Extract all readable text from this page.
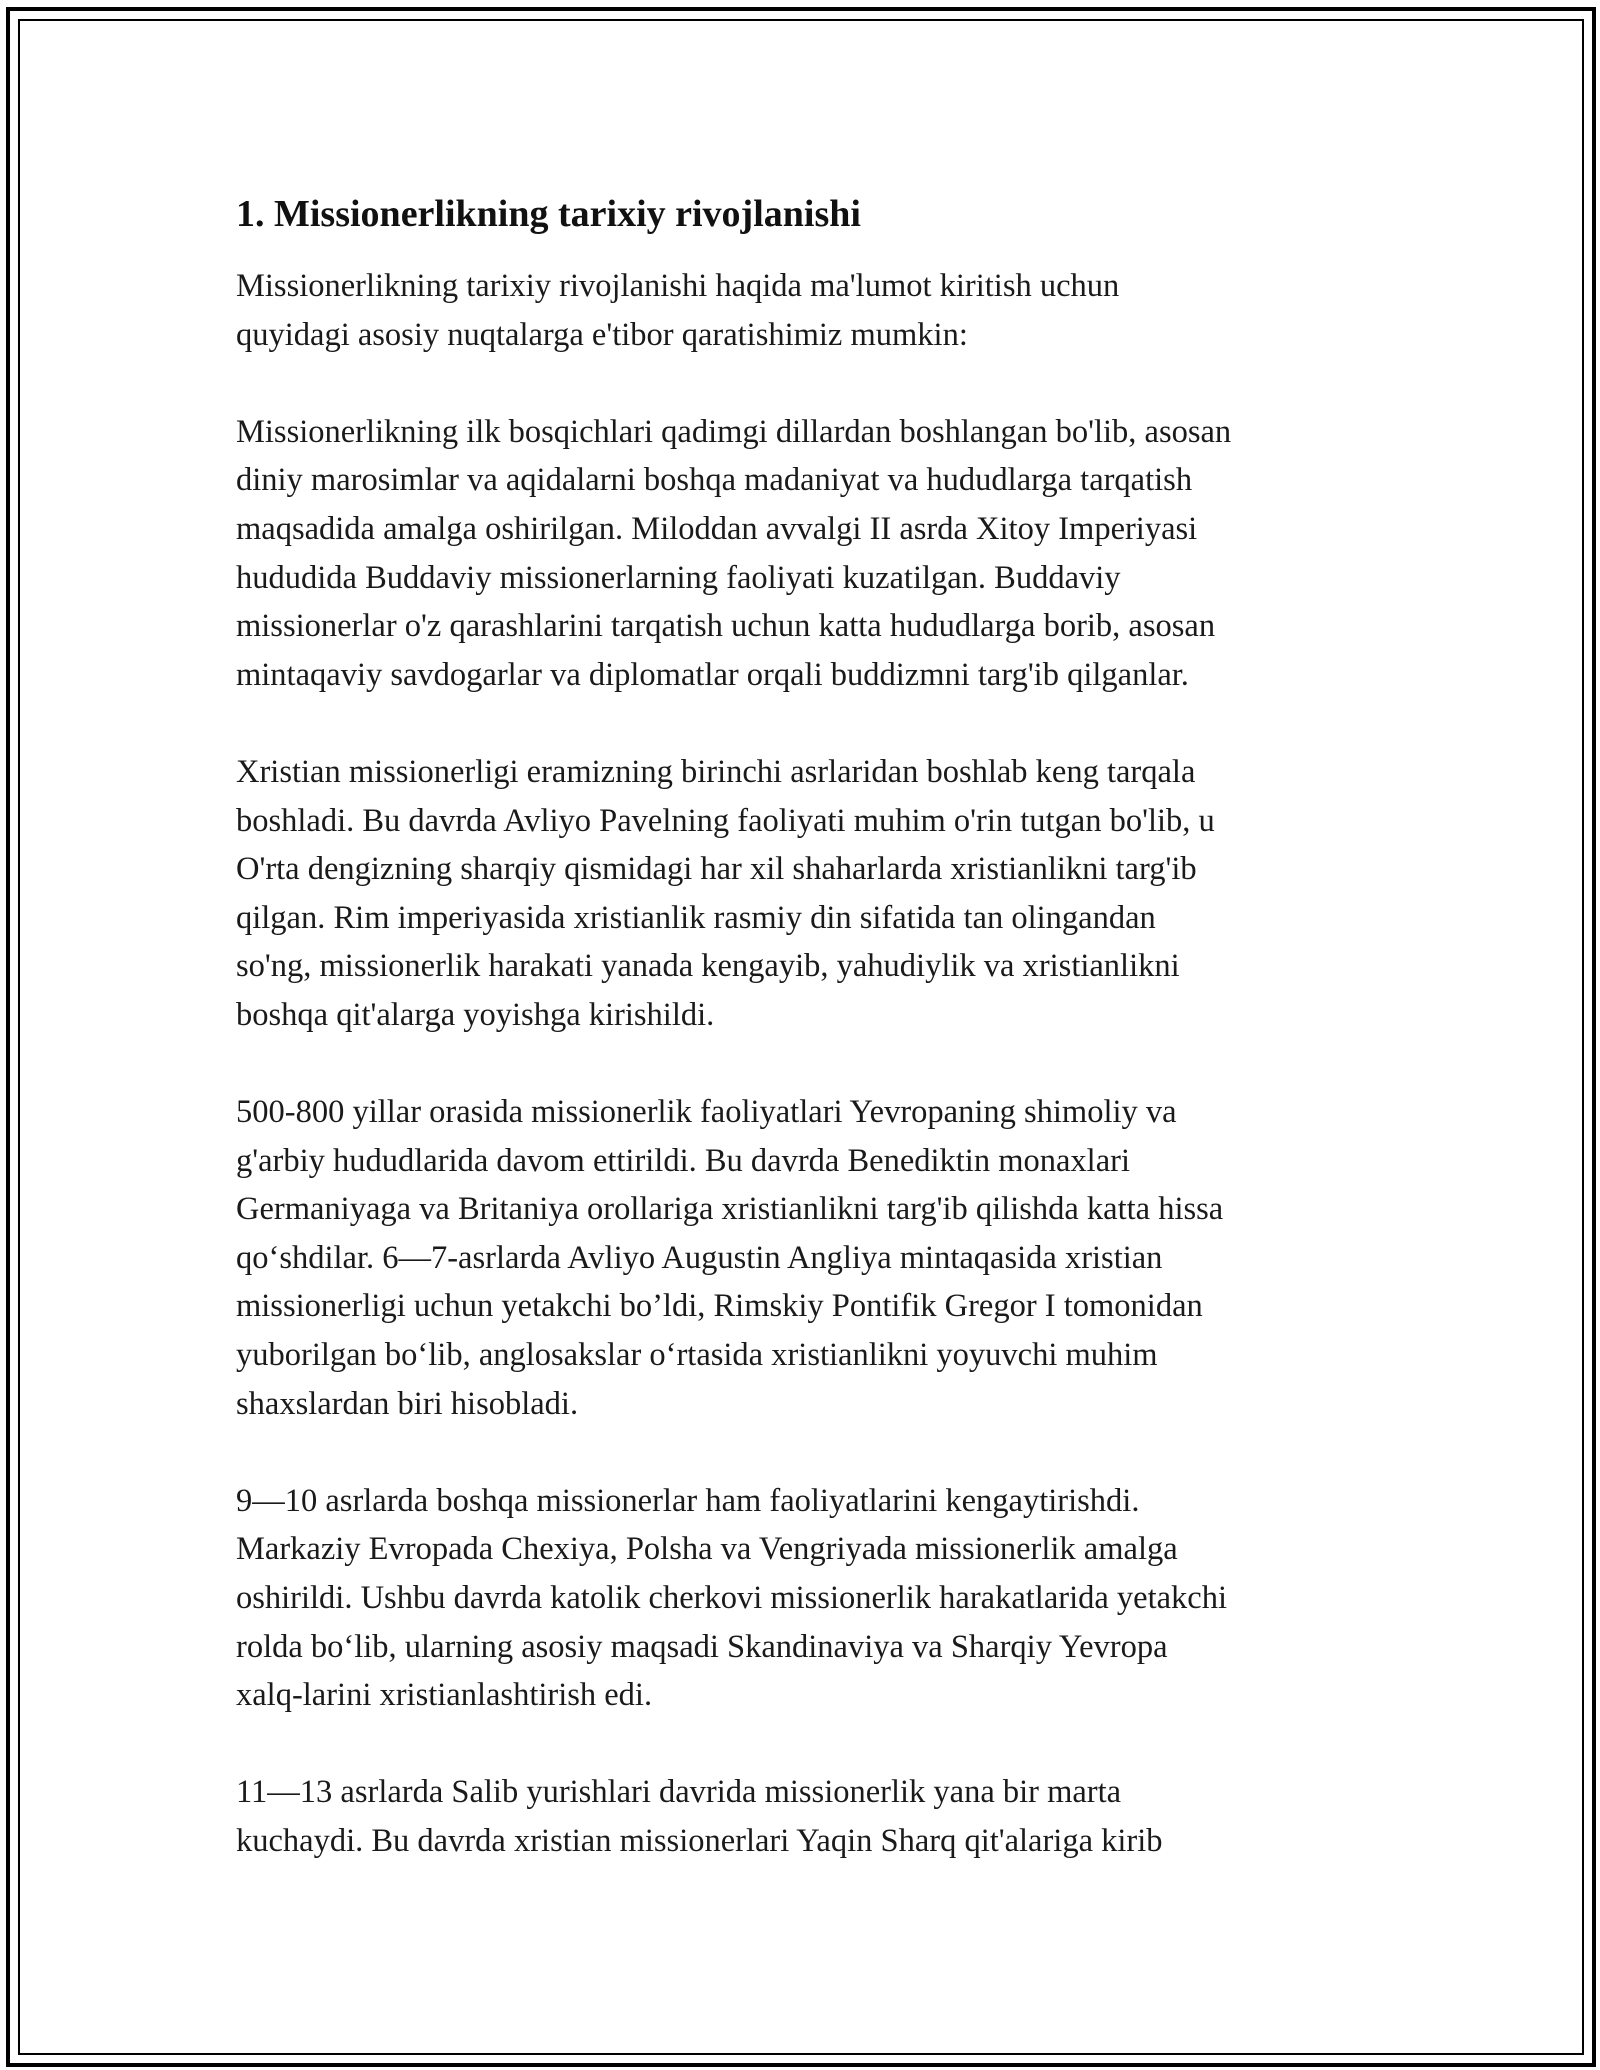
1. Missionerlikning tarixiy rivojlanishi

Missionerlikning tarixiy rivojlanishi haqida ma'lumot kiritish uchun
quyidagi asosiy nuqtalarga e'tibor qaratishimiz mumkin:

Missionerlikning ilk bosqichlari qadimgi dillardan boshlangan bo'lib, asosan
diniy marosimlar va aqidalarni boshqa madaniyat va hududlarga tarqatish
maqsadida amalga oshirilgan. Miloddan avvalgi II asrda Xitoy Imperiyasi
hududida Buddaviy missionerlarning faoliyati kuzatilgan. Buddaviy
missionerlar o'z qarashlarini tarqatish uchun katta hududlarga borib, asosan
mintaqaviy savdogarlar va diplomatlar orqali buddizmni targ'ib qilganlar.

Xristian missionerligi eramizning birinchi asrlaridan boshlab keng tarqala
boshladi. Bu davrda Avliyo Pavelning faoliyati muhim o'rin tutgan bo'lib, u
O'rta dengizning sharqiy qismidagi har xil shaharlarda xristianlikni targ'ib
qilgan. Rim imperiyasida xristianlik rasmiy din sifatida tan olingandan
so'ng, missionerlik harakati yanada kengayib, yahudiylik va xristianlikni
boshqa qit'alarga yoyishga kirishildi.

500-800 yillar orasida missionerlik faoliyatlari Yevropaning shimoliy va
g'arbiy hududlarida davom ettirildi. Bu davrda Benediktin monaxlari
Germaniyaga va Britaniya orollariga xristianlikni targ'ib qilishda katta hissa
qo‘shdilar. 6—7-asrlarda Avliyo Augustin Angliya mintaqasida xristian
missionerligi uchun yetakchi bo’ldi, Rimskiy Pontifik Gregor I tomonidan
yuborilgan bo‘lib, anglosakslar o‘rtasida xristianlikni yoyuvchi muhim
shaxslardan biri hisobladi.

9—10 asrlarda boshqa missionerlar ham faoliyatlarini kengaytirishdi.
Markaziy Evropada Chexiya, Polsha va Vengriyada missionerlik amalga
oshirildi. Ushbu davrda katolik cherkovi missionerlik harakatlarida yetakchi
rolda bo‘lib, ularning asosiy maqsadi Skandinaviya va Sharqiy Yevropa
xalq-larini xristianlashtirish edi.

11—13 asrlarda Salib yurishlari davrida missionerlik yana bir marta
kuchaydi. Bu davrda xristian missionerlari Yaqin Sharq qit'alariga kirib
